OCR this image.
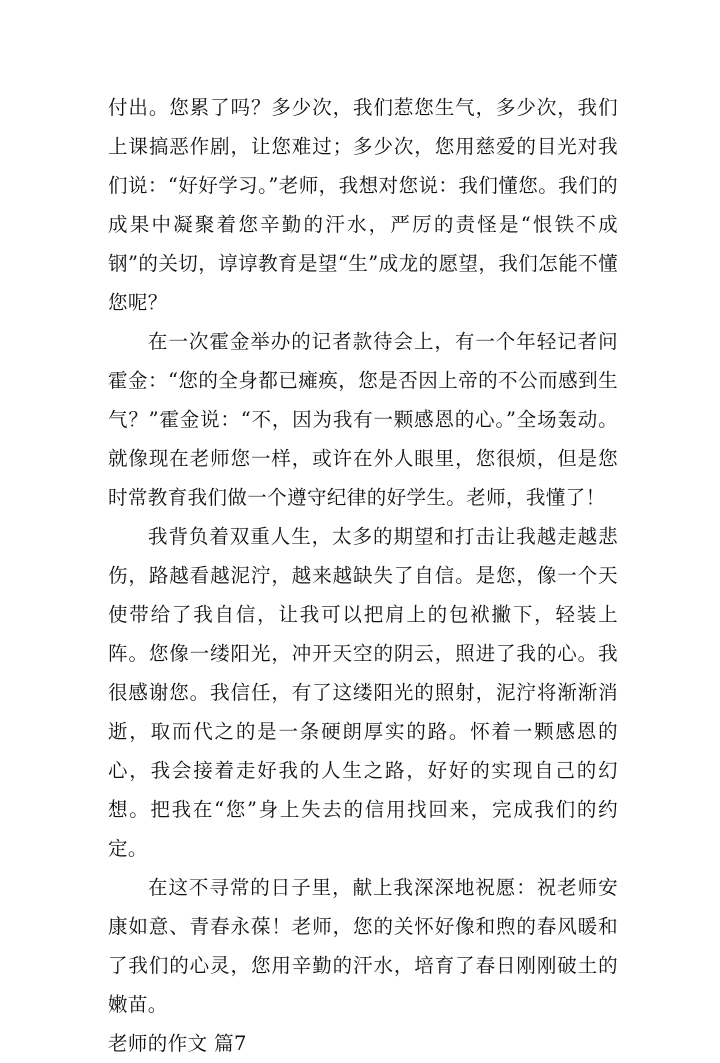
付出。您累了吗？多少次，我们惹您生气，多少次，我们上课搞恶作剧，让您难过；多少次，您用慈爱的目光对我们说：“好好学习。”老师，我想对您说：我们懂您。我们的成果中凝聚着您辛勤的汗水，严厉的责怪是“恨铁不成钢”的关切，谆谆教育是望“生”成龙的愿望，我们怎能不懂您呢？

在一次霍金举办的记者款待会上，有一个年轻记者问霍金：“您的全身都已瘫痪，您是否因上帝的不公而感到生气？”霍金说：“不，因为我有一颗感恩的心。”全场轰动。就像现在老师您一样，或许在外人眼里，您很烦，但是您时常教育我们做一个遵守纪律的好学生。老师，我懂了！

我背负着双重人生，太多的期望和打击让我越走越悲伤，路越看越泥泞，越来越缺失了自信。是您，像一个天使带给了我自信，让我可以把肩上的包袱撇下，轻装上阵。您像一缕阳光，冲开天空的阴云，照进了我的心。我很感谢您。我信任，有了这缕阳光的照射，泥泞将渐渐消逝，取而代之的是一条硬朗厚实的路。怀着一颗感恩的心，我会接着走好我的人生之路，好好的实现自己的幻想。把我在“您”身上失去的信用找回来，完成我们的约定。

在这不寻常的日子里，献上我深深地祝愿：祝老师安康如意、青春永葆！老师，您的关怀好像和煦的春风暖和了我们的心灵，您用辛勤的汗水，培育了春日刚刚破土的嫩苗。

老师的作文 篇7
